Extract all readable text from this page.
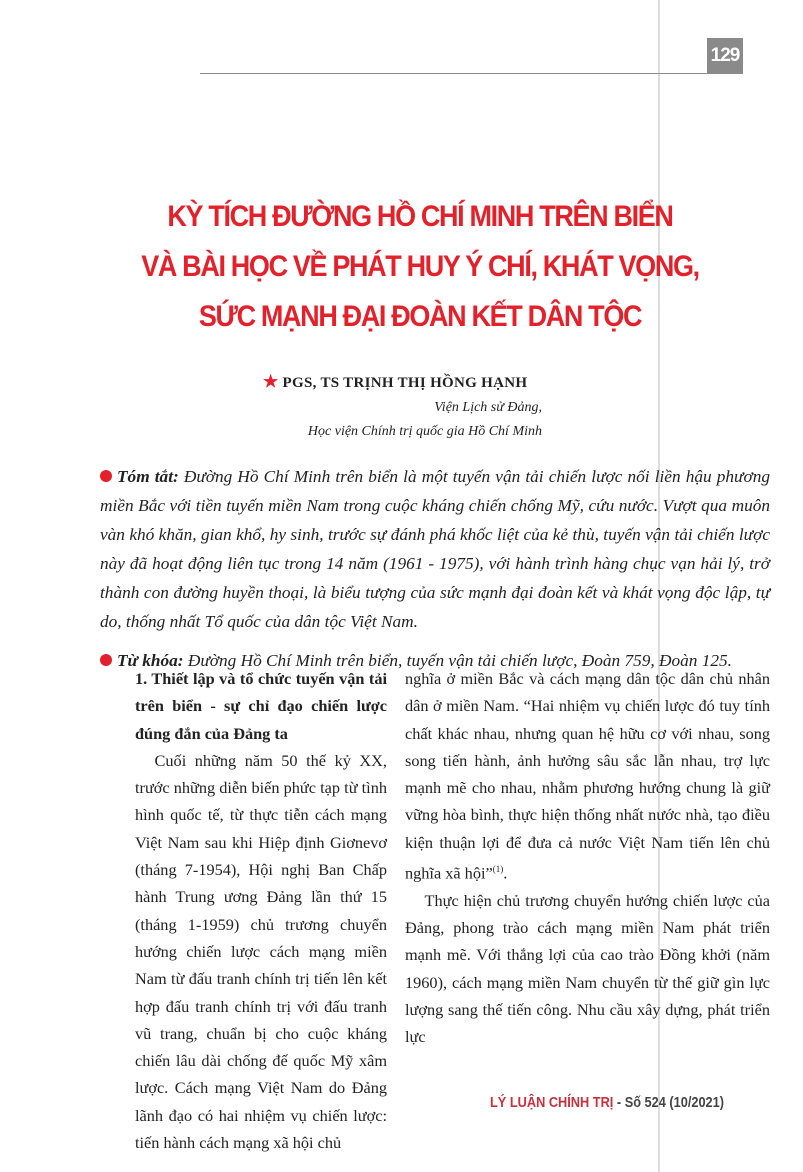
129
KỲ TÍCH ĐƯỜNG HỒ CHÍ MINH TRÊN BIỂN
VÀ BÀI HỌC VỀ PHÁT HUY Ý CHÍ, KHÁT VỌNG,
SỨC MẠNH ĐẠI ĐOÀN KẾT DÂN TỘC
★ PGS, TS TRỊNH THỊ HỒNG HẠNH
Viện Lịch sử Đảng,
Học viện Chính trị quốc gia Hồ Chí Minh

Tóm tắt: Đường Hồ Chí Minh trên biển là một tuyến vận tải chiến lược nối liền hậu phương miền Bắc với tiền tuyến miền Nam trong cuộc kháng chiến chống Mỹ, cứu nước. Vượt qua muôn vàn khó khăn, gian khổ, hy sinh, trước sự đánh phá khốc liệt của kẻ thù, tuyến vận tải chiến lược này đã hoạt động liên tục trong 14 năm (1961 - 1975), với hành trình hàng chục vạn hải lý, trở thành con đường huyền thoại, là biểu tượng của sức mạnh đại đoàn kết và khát vọng độc lập, tự do, thống nhất Tổ quốc của dân tộc Việt Nam.

Từ khóa: Đường Hồ Chí Minh trên biển, tuyến vận tải chiến lược, Đoàn 759, Đoàn 125.

1. Thiết lập và tổ chức tuyến vận tải trên biển - sự chỉ đạo chiến lược đúng đắn của Đảng ta

Cuối những năm 50 thế kỷ XX, trước những diễn biến phức tạp từ tình hình quốc tế, từ thực tiễn cách mạng Việt Nam sau khi Hiệp định Giơnevơ (tháng 7-1954), Hội nghị Ban Chấp hành Trung ương Đảng lần thứ 15 (tháng 1-1959) chủ trương chuyển hướng chiến lược cách mạng miền Nam từ đấu tranh chính trị tiến lên kết hợp đấu tranh chính trị với đấu tranh vũ trang, chuẩn bị cho cuộc kháng chiến lâu dài chống đế quốc Mỹ xâm lược. Cách mạng Việt Nam do Đảng lãnh đạo có hai nhiệm vụ chiến lược: tiến hành cách mạng xã hội chủ

nghĩa ở miền Bắc và cách mạng dân tộc dân chủ nhân dân ở miền Nam. “Hai nhiệm vụ chiến lược đó tuy tính chất khác nhau, nhưng quan hệ hữu cơ với nhau, song song tiến hành, ảnh hưởng sâu sắc lẫn nhau, trợ lực mạnh mẽ cho nhau, nhằm phương hướng chung là giữ vững hòa bình, thực hiện thống nhất nước nhà, tạo điều kiện thuận lợi để đưa cả nước Việt Nam tiến lên chủ nghĩa xã hội”$^{(1)}$.

Thực hiện chủ trương chuyển hướng chiến lược của Đảng, phong trào cách mạng miền Nam phát triển mạnh mẽ. Với thắng lợi của cao trào Đồng khởi (năm 1960), cách mạng miền Nam chuyển từ thế giữ gìn lực lượng sang thế tiến công. Nhu cầu xây dựng, phát triển lực

LÝ LUẬN CHÍNH TRỊ - Số 524 (10/2021)
